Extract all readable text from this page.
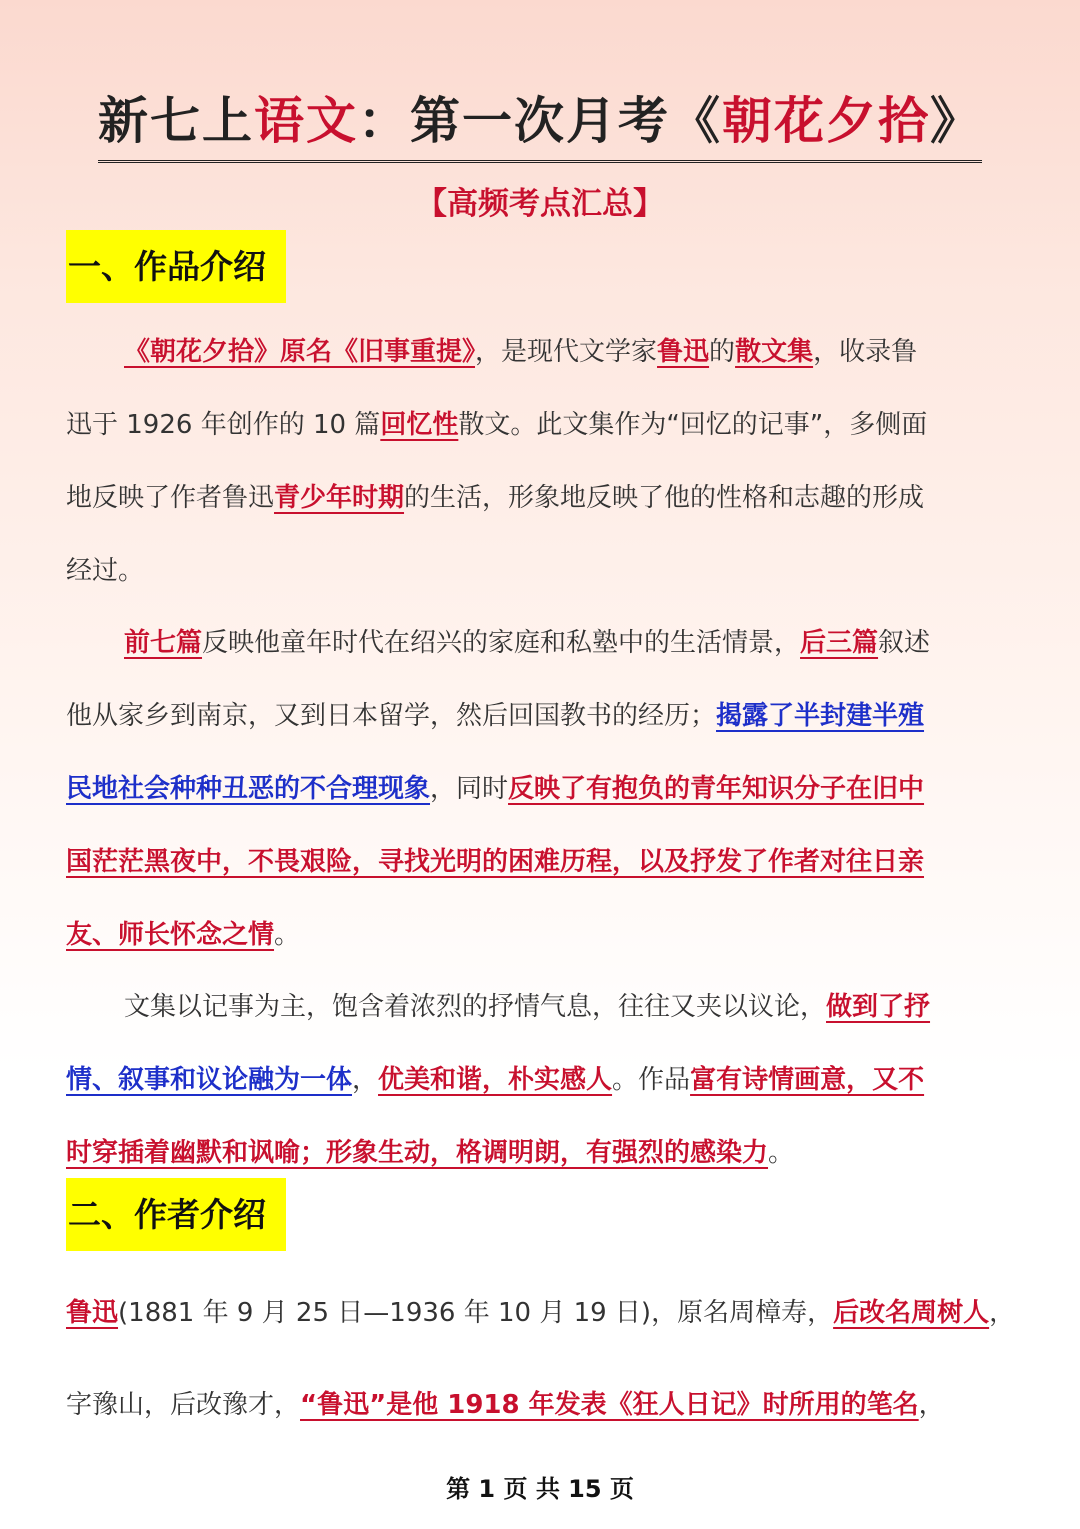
新七上语文：第一次月考《朝花夕拾》
【高频考点汇总】
一、作品介绍
《朝花夕拾》原名《旧事重提》，是现代文学家鲁迅的散文集，收录鲁
迅于 1926 年创作的 10 篇回忆性散文。此文集作为“回忆的记事”，多侧面
地反映了作者鲁迅青少年时期的生活，形象地反映了他的性格和志趣的形成
经过。
前七篇反映他童年时代在绍兴的家庭和私塾中的生活情景，后三篇叙述
他从家乡到南京，又到日本留学，然后回国教书的经历；揭露了半封建半殖
民地社会种种丑恶的不合理现象，同时反映了有抱负的青年知识分子在旧中
国茫茫黑夜中，不畏艰险，寻找光明的困难历程，以及抒发了作者对往日亲
友、师长怀念之情。
文集以记事为主，饱含着浓烈的抒情气息，往往又夹以议论，做到了抒
情、叙事和议论融为一体，优美和谐，朴实感人。作品富有诗情画意，又不
时穿插着幽默和讽喻；形象生动，格调明朗，有强烈的感染力。
二、作者介绍
鲁迅(1881 年 9 月 25 日—1936 年 10 月 19 日)，原名周樟寿，后改名周树人，
字豫山，后改豫才，“鲁迅”是他 1918 年发表《狂人日记》时所用的笔名，
第 1 页 共 15 页
